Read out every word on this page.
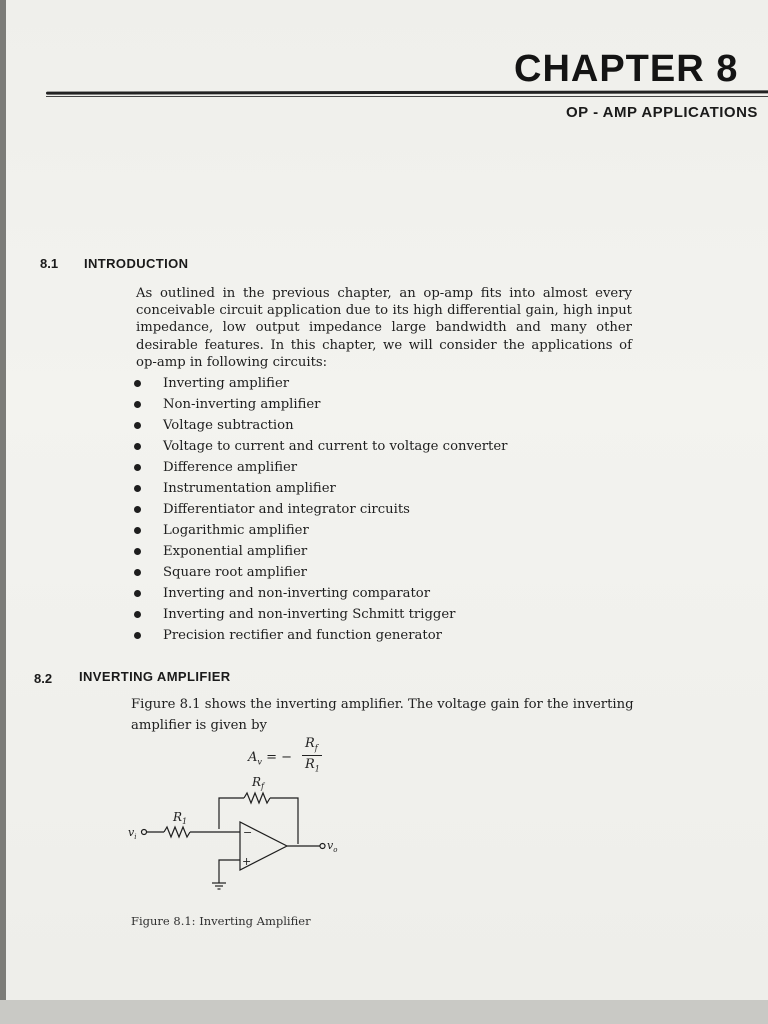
CHAPTER 8
OP - AMP APPLICATIONS
8.1 INTRODUCTION
As outlined in the previous chapter, an op-amp fits into almost every conceivable circuit application due to its high differential gain, high input impedance, low output impedance large bandwidth and many other desirable features. In this chapter, we will consider the applications of op-amp in following circuits:
Inverting amplifier
Non-inverting amplifier
Voltage subtraction
Voltage to current and current to voltage converter
Difference amplifier
Instrumentation amplifier
Differentiator and integrator circuits
Logarithmic amplifier
Exponential amplifier
Square root amplifier
Inverting and non-inverting comparator
Inverting and non-inverting Schmitt trigger
Precision rectifier and function generator
8.2 INVERTING AMPLIFIER
Figure 8.1 shows the inverting amplifier. The voltage gain for the inverting amplifier is given by
$A_v$ = −
$R_f$
$R_1$
$R_f$
$R_1$
$v_i$
$v_o$
−
+
Figure 8.1: Inverting Amplifier
